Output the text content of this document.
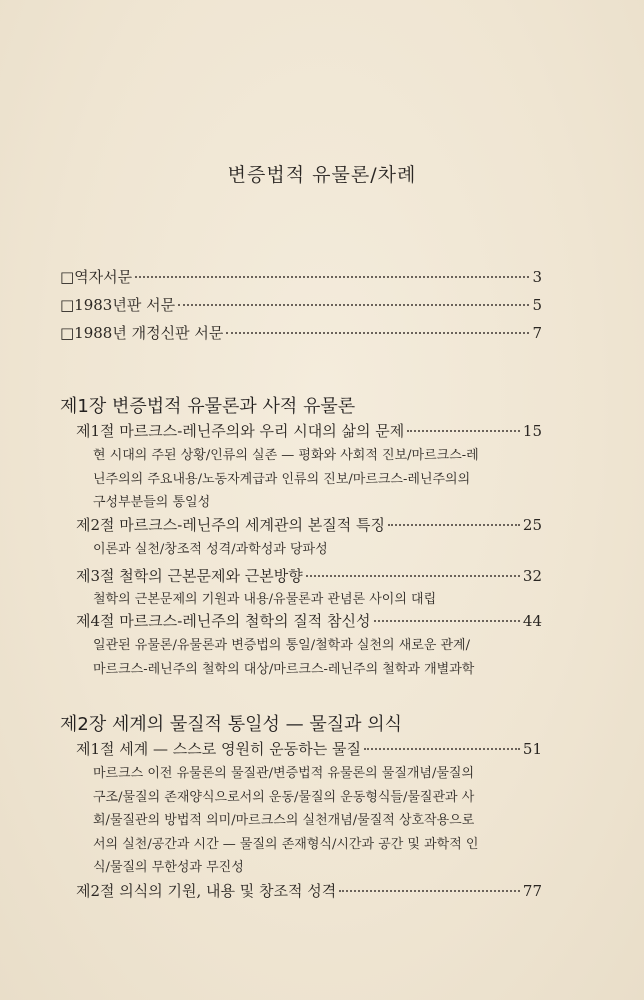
변증법적 유물론/차례
□역자서문	3
□1983년판 서문	5
□1988년 개정신판 서문	7
제1장 변증법적 유물론과 사적 유물론
제1절 마르크스-레닌주의와 우리 시대의 삶의 문제	15
현 시대의 주된 상황/인류의 실존 — 평화와 사회적 진보/마르크스-레
닌주의의 주요내용/노동자계급과 인류의 진보/마르크스-레닌주의의
구성부분들의 통일성
제2절 마르크스-레닌주의 세계관의 본질적 특징	25
이론과 실천/창조적 성격/과학성과 당파성
제3절 철학의 근본문제와 근본방향	32
철학의 근본문제의 기원과 내용/유물론과 관념론 사이의 대립
제4절 마르크스-레닌주의 철학의 질적 참신성	44
일관된 유물론/유물론과 변증법의 통일/철학과 실천의 새로운 관계/
마르크스-레닌주의 철학의 대상/마르크스-레닌주의 철학과 개별과학
제2장 세계의 물질적 통일성 — 물질과 의식
제1절 세계 — 스스로 영원히 운동하는 물질	51
마르크스 이전 유물론의 물질관/변증법적 유물론의 물질개념/물질의
구조/물질의 존재양식으로서의 운동/물질의 운동형식들/물질관과 사
회/물질관의 방법적 의미/마르크스의 실천개념/물질적 상호작용으로
서의 실천/공간과 시간 — 물질의 존재형식/시간과 공간 및 과학적 인
식/물질의 무한성과 무진성
제2절 의식의 기원, 내용 및 창조적 성격	77
